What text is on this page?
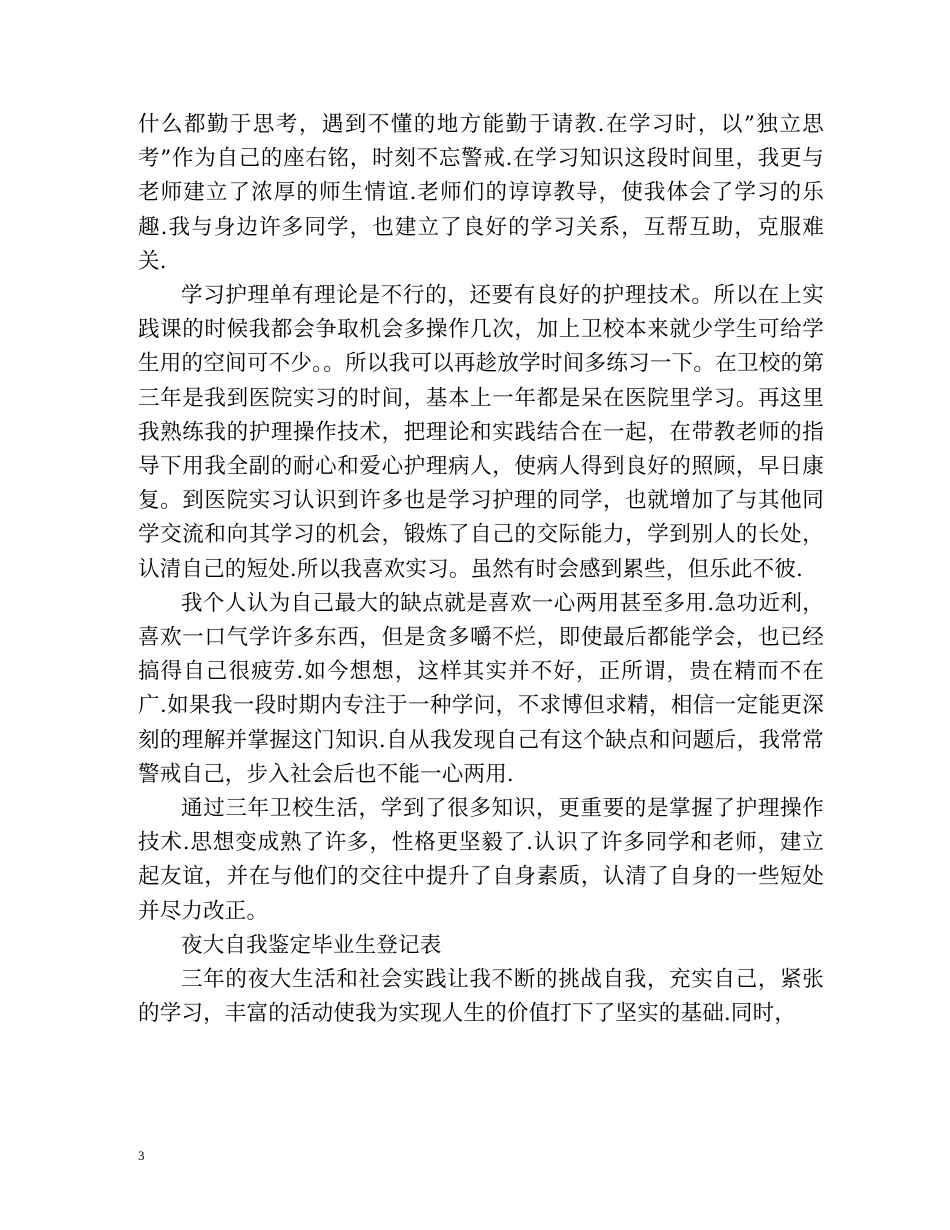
什么都勤于思考，遇到不懂的地方能勤于请教.在学习时，以”独立思考”作为自己的座右铭，时刻不忘警戒.在学习知识这段时间里，我更与老师建立了浓厚的师生情谊.老师们的谆谆教导，使我体会了学习的乐趣.我与身边许多同学，也建立了良好的学习关系，互帮互助，克服难关.

学习护理单有理论是不行的，还要有良好的护理技术。所以在上实践课的时候我都会争取机会多操作几次，加上卫校本来就少学生可给学生用的空间可不少。。所以我可以再趁放学时间多练习一下。在卫校的第三年是我到医院实习的时间，基本上一年都是呆在医院里学习。再这里我熟练我的护理操作技术，把理论和实践结合在一起，在带教老师的指导下用我全副的耐心和爱心护理病人，使病人得到良好的照顾，早日康复。到医院实习认识到许多也是学习护理的同学，也就增加了与其他同学交流和向其学习的机会，锻炼了自己的交际能力，学到别人的长处，认清自己的短处.所以我喜欢实习。虽然有时会感到累些，但乐此不彼.

我个人认为自己最大的缺点就是喜欢一心两用甚至多用.急功近利，喜欢一口气学许多东西，但是贪多嚼不烂，即使最后都能学会，也已经搞得自己很疲劳.如今想想，这样其实并不好，正所谓，贵在精而不在广.如果我一段时期内专注于一种学问，不求博但求精，相信一定能更深刻的理解并掌握这门知识.自从我发现自己有这个缺点和问题后，我常常警戒自己，步入社会后也不能一心两用.

通过三年卫校生活，学到了很多知识，更重要的是掌握了护理操作技术.思想变成熟了许多，性格更坚毅了.认识了许多同学和老师，建立起友谊，并在与他们的交往中提升了自身素质，认清了自身的一些短处并尽力改正。

夜大自我鉴定毕业生登记表

三年的夜大生活和社会实践让我不断的挑战自我，充实自己，紧张的学习，丰富的活动使我为实现人生的价值打下了坚实的基础.同时，

3
